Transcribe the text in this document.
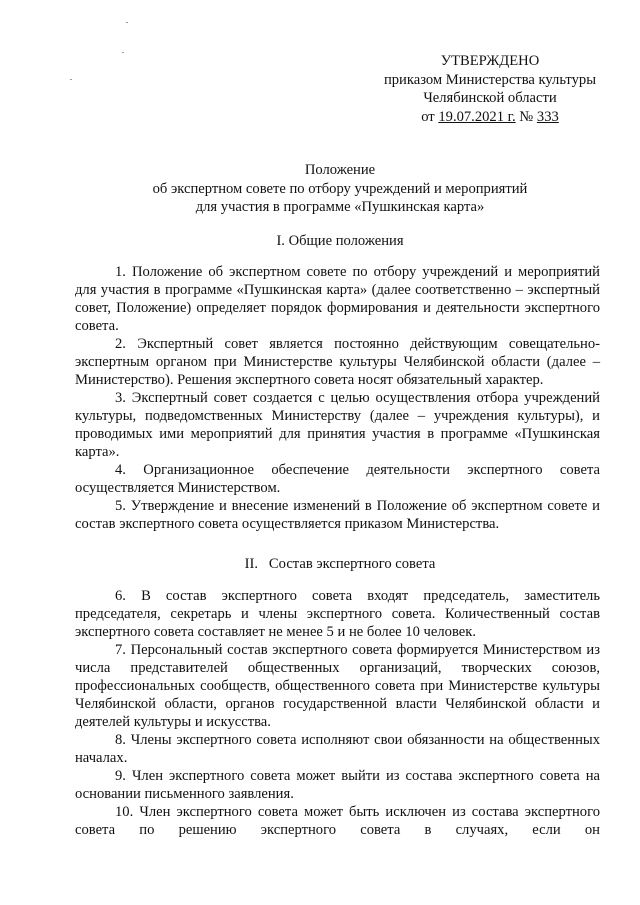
УТВЕРЖДЕНО
приказом Министерства культуры
Челябинской области
от 19.07.2021 г. № 333
Положение
об экспертном совете по отбору учреждений и мероприятий
для участия в программе «Пушкинская карта»
I. Общие положения

1. Положение об экспертном совете по отбору учреждений и мероприятий для участия в программе «Пушкинская карта» (далее соответственно – экспертный совет, Положение) определяет порядок формирования и деятельности экспертного совета.

2. Экспертный совет является постоянно действующим совещательно-экспертным органом при Министерстве культуры Челябинской области (далее – Министерство). Решения экспертного совета носят обязательный характер.

3. Экспертный совет создается с целью осуществления отбора учреждений культуры, подведомственных Министерству (далее – учреждения культуры), и проводимых ими мероприятий для принятия участия в программе «Пушкинская карта».

4. Организационное обеспечение деятельности экспертного совета осуществляется Министерством.

5. Утверждение и внесение изменений в Положение об экспертном совете и состав экспертного совета осуществляется приказом Министерства.

II.   Состав экспертного совета

6. В состав экспертного совета входят председатель, заместитель председателя, секретарь и члены экспертного совета. Количественный состав экспертного совета составляет не менее 5 и не более 10 человек.

7. Персональный состав экспертного совета формируется Министерством из числа представителей общественных организаций, творческих союзов, профессиональных сообществ, общественного совета при Министерстве культуры Челябинской области, органов государственной власти Челябинской области и деятелей культуры и искусства.

8. Члены экспертного совета исполняют свои обязанности на общественных началах.

9. Член экспертного совета может выйти из состава экспертного совета на основании письменного заявления.

10. Член экспертного совета может быть исключен из состава экспертного совета по решению экспертного совета в случаях, если он
